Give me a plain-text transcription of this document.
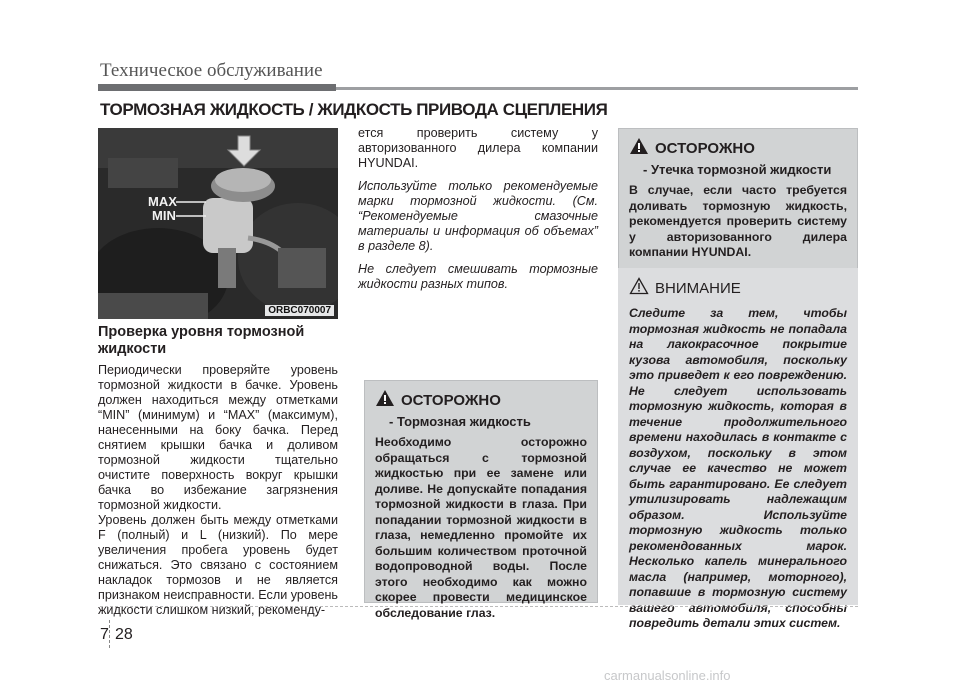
Техническое обслуживание
ТОРМОЗНАЯ ЖИДКОСТЬ / ЖИДКОСТЬ ПРИВОДА СЦЕПЛЕНИЯ
MAX
MIN
ORBC070007
Проверка уровня тормозной жидкости

Периодически проверяйте уровень тормозной жидкости в бачке. Уровень должен находиться между отметками “MIN” (минимум) и “MAX” (максимум), нанесенными на боку бачка. Перед снятием крышки бачка и доливом тормозной жидкости тщательно очистите поверхность вокруг крышки бачка во избежание загрязнения тормозной жидкости.

Уровень должен быть между отметками F (полный) и L (низкий). По мере увеличения пробега уровень будет снижаться. Это связано с состоянием накладок тормозов и не является признаком неисправности. Если уровень жидкости слишком низкий, рекоменду-

ется проверить систему у авторизованного дилера компании HYUNDAI.

Используйте только рекомендуемые марки тормозной жидкости. (См. “Рекомендуемые смазочные материалы и информация об объемах” в разделе 8).

Не следует смешивать тормозные жидкости разных типов.

ОСТОРОЖНО
- Тормозная жидкость
Необходимо осторожно обращаться с тормозной жидкостью при ее замене или доливе. Не допускайте попадания тормозной жидкости в глаза. При попадании тормозной жидкости в глаза, немедленно промойте их большим количеством проточной водопроводной воды. После этого необходимо как можно скорее провести медицинское обследование глаз.
ОСТОРОЖНО
- Утечка тормозной жидкости
В случае, если часто требуется доливать тормозную жидкость, рекомендуется проверить систему у авторизованного дилера компании HYUNDAI.
ВНИМАНИЕ
Следите за тем, чтобы тормозная жидкость не попадала на лакокрасочное покрытие кузова автомобиля, поскольку это приведет к его повреждению. Не следует использовать тормозную жидкость, которая в течение продолжительного времени находилась в контакте с воздухом, поскольку в этом случае ее качество не может быть гарантировано. Ее следует утилизировать надлежащим образом. Используйте тормозную жидкость только рекомендованных марок. Несколько капель минерального масла (например, моторного), попавшие в тормозную систему вашего автомобиля, способны повредить детали этих систем.
7 28
carmanualsonline.info
